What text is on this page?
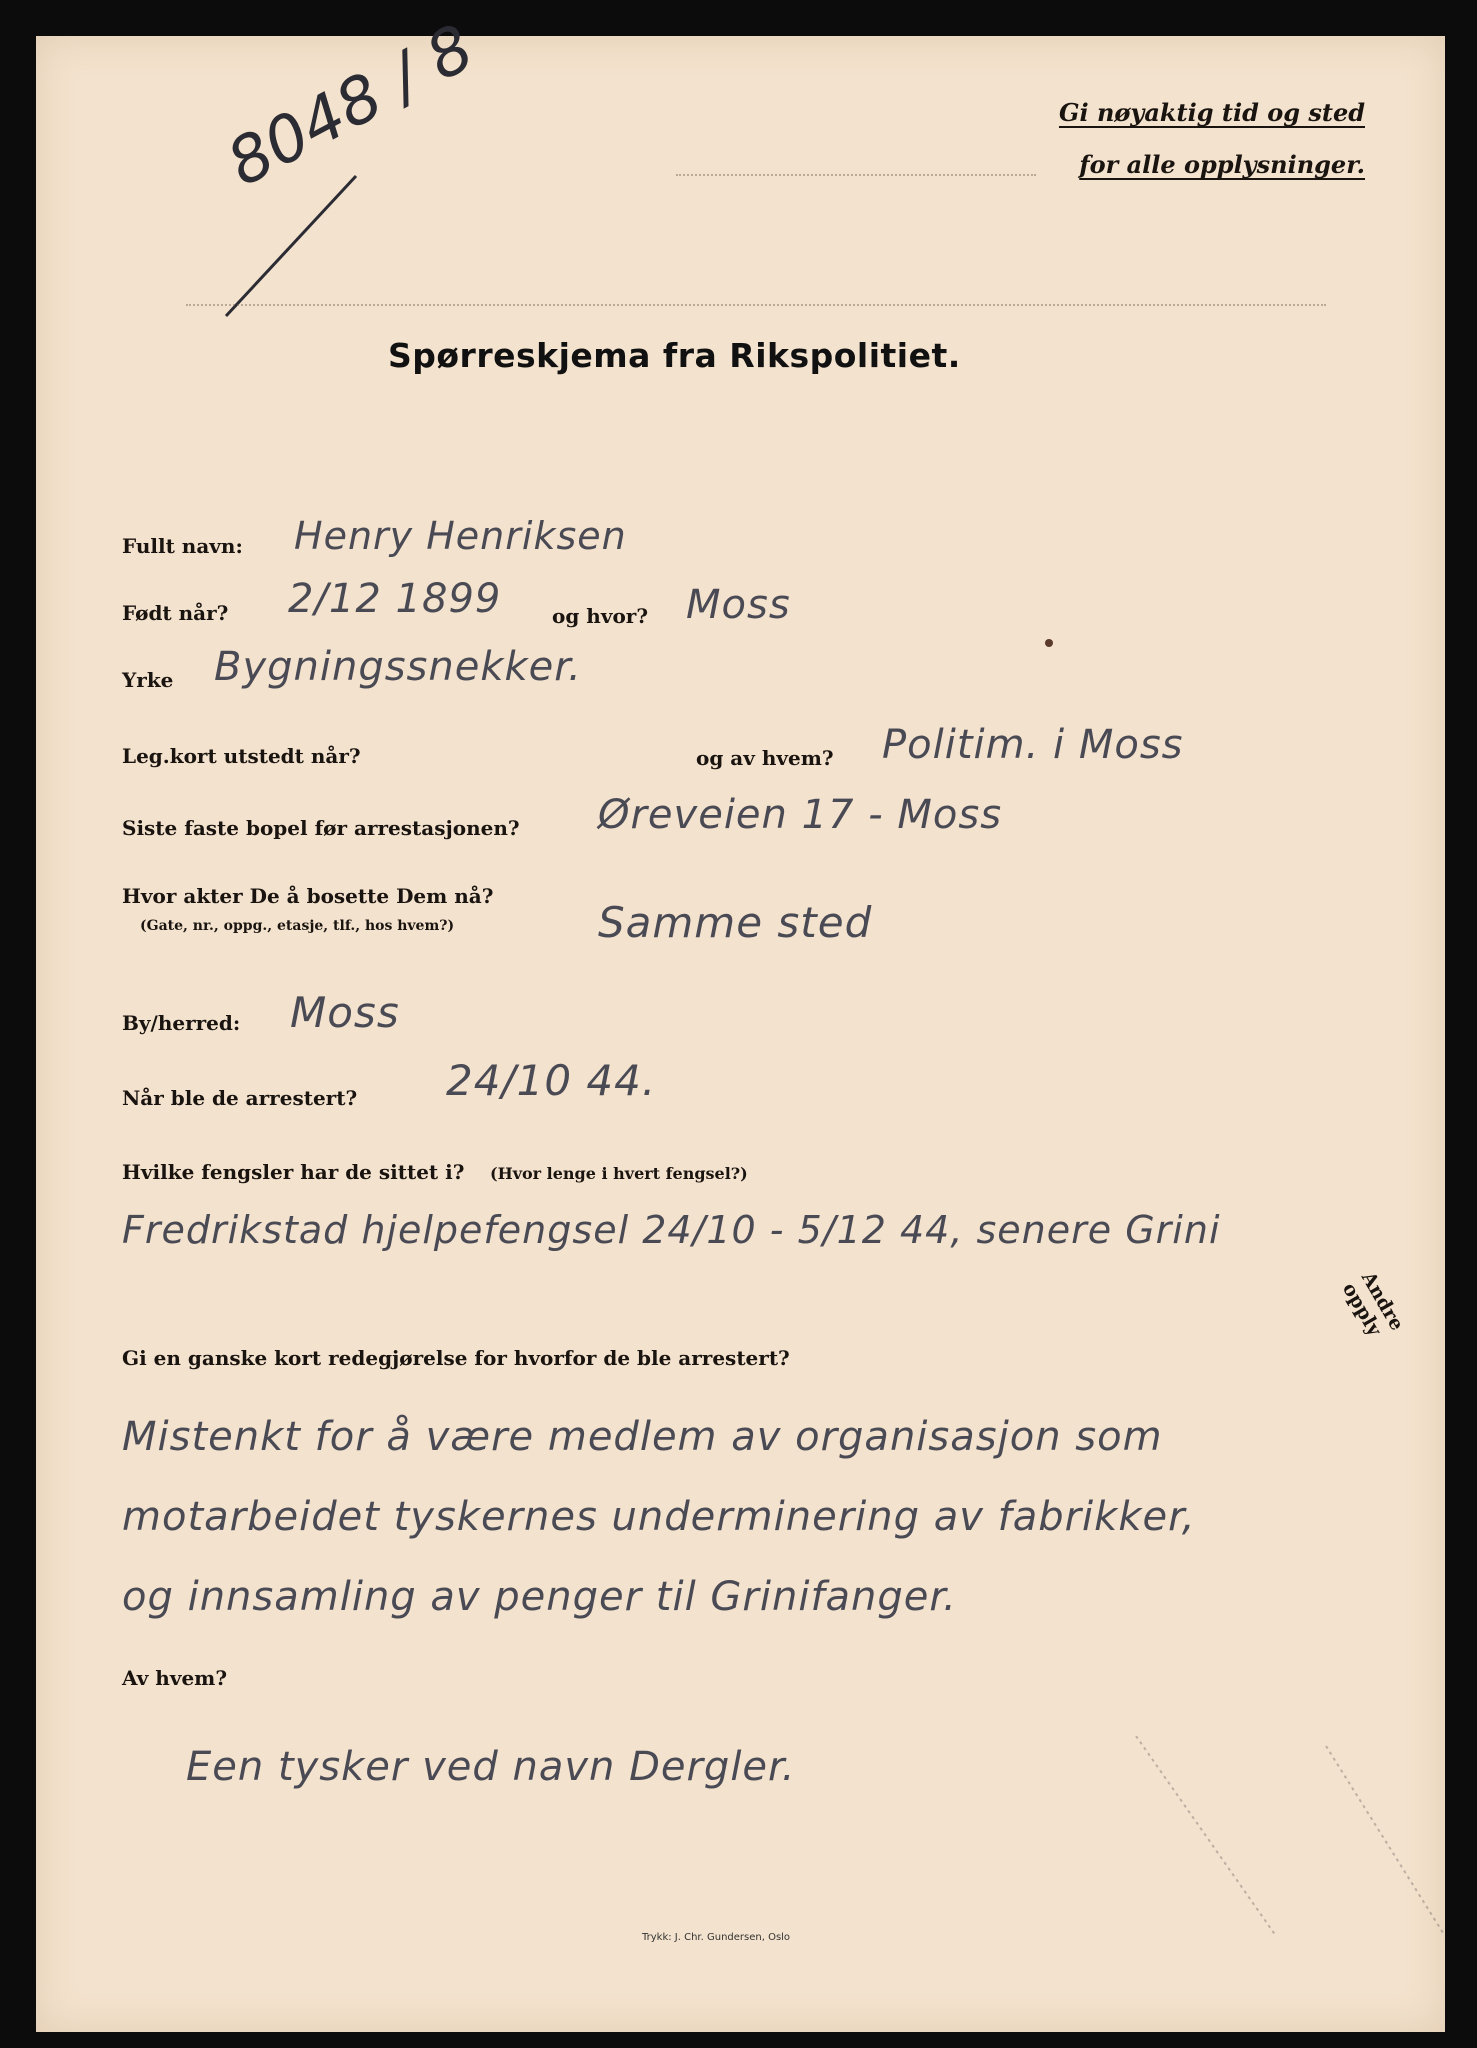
8048 / 8	Gi nøyaktig tid og sted
for alle opplysninger.
Spørreskjema fra Rikspolitiet.
Fullt navn: Henry Henriksen
Født når? 2/12 1899	og hvor? Moss
Yrke Bygningssnekker.
Leg.kort utstedt når?	og av hvem? Politim. i Moss
Siste faste bopel før arrestasjonen? Øreveien 17 - Moss
Hvor akter De å bosette Dem nå?
(Gate, nr., oppg., etasje, tlf., hos hvem?)	Samme sted
By/herred: Moss
Når ble de arrestert? 24/10 44.
Hvilke fengsler har de sittet i? (Hvor lenge i hvert fengsel?)
Fredrikstad hjelpefengsel 24/10 - 5/12 44, senere Grini
Andre opply
Gi en ganske kort redegjørelse for hvorfor de ble arrestert?
Mistenkt for å være medlem av organisasjon som
motarbeidet tyskernes underminering av fabrikker,
og innsamling av penger til Grinifanger.
Av hvem?
Een tysker ved navn Dergler.
Trykk: J. Chr. Gundersen, Oslo
